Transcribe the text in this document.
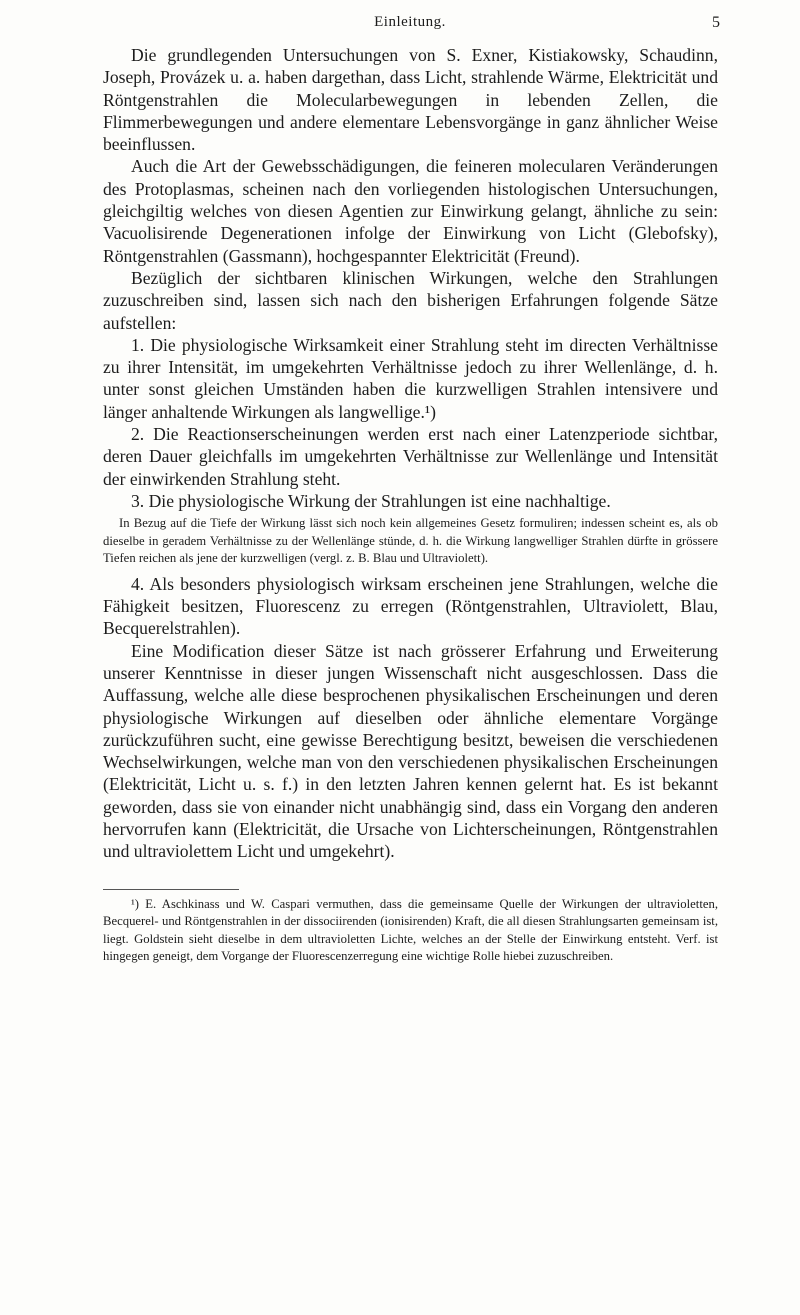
Einleitung.	5

Die grundlegenden Untersuchungen von S. Exner, Kistiakowsky, Schaudinn, Joseph, Provázek u. a. haben dargethan, dass Licht, strahlende Wärme, Elektricität und Röntgenstrahlen die Molecularbewegungen in lebenden Zellen, die Flimmerbewegungen und andere elementare Lebensvorgänge in ganz ähnlicher Weise beeinflussen.

Auch die Art der Gewebsschädigungen, die feineren molecularen Veränderungen des Protoplasmas, scheinen nach den vorliegenden histologischen Untersuchungen, gleichgiltig welches von diesen Agentien zur Einwirkung gelangt, ähnliche zu sein: Vacuolisirende Degenerationen infolge der Einwirkung von Licht (Glebofsky), Röntgenstrahlen (Gassmann), hochgespannter Elektricität (Freund).

Bezüglich der sichtbaren klinischen Wirkungen, welche den Strahlungen zuzuschreiben sind, lassen sich nach den bisherigen Erfahrungen folgende Sätze aufstellen:

1. Die physiologische Wirksamkeit einer Strahlung steht im directen Verhältnisse zu ihrer Intensität, im umgekehrten Verhältnisse jedoch zu ihrer Wellenlänge, d. h. unter sonst gleichen Umständen haben die kurzwelligen Strahlen intensivere und länger anhaltende Wirkungen als langwellige.¹)

2. Die Reactionserscheinungen werden erst nach einer Latenzperiode sichtbar, deren Dauer gleichfalls im umgekehrten Verhältnisse zur Wellenlänge und Intensität der einwirkenden Strahlung steht.

3. Die physiologische Wirkung der Strahlungen ist eine nachhaltige.

In Bezug auf die Tiefe der Wirkung lässt sich noch kein allgemeines Gesetz formuliren; indessen scheint es, als ob dieselbe in geradem Verhältnisse zu der Wellenlänge stünde, d. h. die Wirkung langwelliger Strahlen dürfte in grössere Tiefen reichen als jene der kurzwelligen (vergl. z. B. Blau und Ultraviolett).

4. Als besonders physiologisch wirksam erscheinen jene Strahlungen, welche die Fähigkeit besitzen, Fluorescenz zu erregen (Röntgenstrahlen, Ultraviolett, Blau, Becquerelstrahlen).

Eine Modification dieser Sätze ist nach grösserer Erfahrung und Erweiterung unserer Kenntnisse in dieser jungen Wissenschaft nicht ausgeschlossen. Dass die Auffassung, welche alle diese besprochenen physikalischen Erscheinungen und deren physiologische Wirkungen auf dieselben oder ähnliche elementare Vorgänge zurückzuführen sucht, eine gewisse Berechtigung besitzt, beweisen die verschiedenen Wechselwirkungen, welche man von den verschiedenen physikalischen Erscheinungen (Elektricität, Licht u. s. f.) in den letzten Jahren kennen gelernt hat. Es ist bekannt geworden, dass sie von einander nicht unabhängig sind, dass ein Vorgang den anderen hervorrufen kann (Elektricität, die Ursache von Lichterscheinungen, Röntgenstrahlen und ultraviolettem Licht und umgekehrt).

¹) E. Aschkinass und W. Caspari vermuthen, dass die gemeinsame Quelle der Wirkungen der ultravioletten, Becquerel- und Röntgenstrahlen in der dissociirenden (ionisirenden) Kraft, die all diesen Strahlungsarten gemeinsam ist, liegt. Goldstein sieht dieselbe in dem ultravioletten Lichte, welches an der Stelle der Einwirkung entsteht. Verf. ist hingegen geneigt, dem Vorgange der Fluorescenzerregung eine wichtige Rolle hiebei zuzuschreiben.
